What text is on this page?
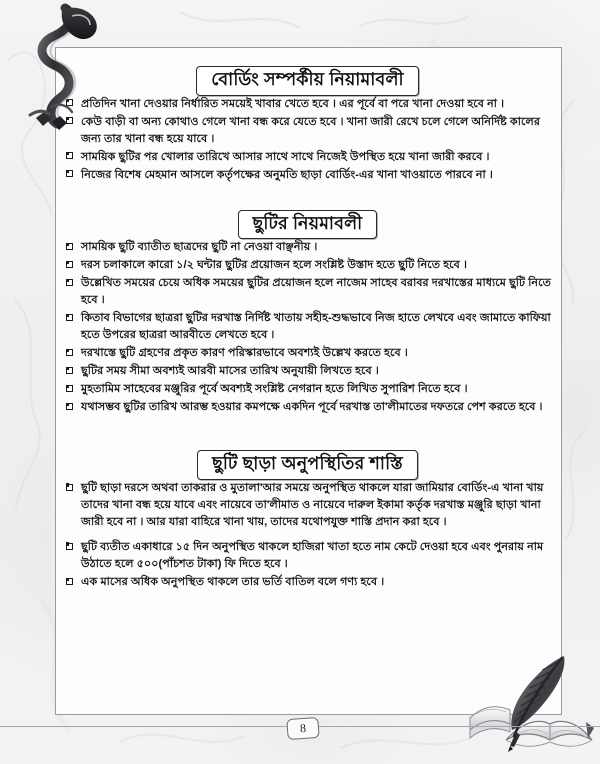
বোর্ডিং সম্পর্কীয় নিয়ামাবলী
প্রতিদিন খানা দেওয়ার নির্ধারিত সময়েই খাবার খেতে হবে । এর পূর্বে বা পরে খানা দেওয়া হবে না ।
কেউ বাড়ী বা অন্য কোথাও গেলে খানা বন্ধ করে যেতে হবে । খানা জারী রেখে চলে গেলে অনির্দিষ্ট কালের জন্য তার খানা বন্ধ হয়ে যাবে ।
সাময়িক ছুটির পর খোলার তারিখে আসার সাথে সাথে নিজেই উপস্থিত হয়ে খানা জারী করবে ।
নিজের বিশেষ মেহমান আসলে কর্তৃপক্ষের অনুমতি ছাড়া বোর্ডিং-এর খানা খাওয়াতে পারবে না ।
ছুটির নিয়মাবলী
সাময়িক ছুটি ব্যাতীত ছাত্রদের ছুটি না নেওয়া বাঞ্ছনীয় ।
দরস চলাকালে কারো ১/২ ঘন্টার ছুটির প্রয়োজন হলে সংশ্লিষ্ট উস্তাদ হতে ছুটি নিতে হবে ।
উল্লেখিত সময়ের চেয়ে অধিক সময়ের ছুটির প্রয়োজন হলে নাজেম সাহেব বরাবর দরখাস্তের মাধ্যমে ছুটি নিতে হবে ।
কিতাব বিভাগের ছাত্ররা ছুটির দরখাস্ত নির্দিষ্ট খাতায় সহীহ-শুদ্ধভাবে নিজ হাতে লেখবে এবং জামাতে কাফিয়া হতে উপরের ছাত্ররা আরবীতে লেখতে হবে ।
দরখাস্তে ছুটি গ্রহণের প্রকৃত কারণ পরিস্কারভাবে অবশ্যই উল্লেখ করতে হবে ।
ছুটির সময় সীমা অবশ্যই আরবী মাসের তারিখ অনুযায়ী লিখতে হবে ।
মুহতামিম সাহেবের মঞ্জুরির পূর্বে অবশ্যই সংশ্লিষ্ট নেগরান হতে লিখিত সুপারিশ নিতে হবে ।
যথাসম্ভব ছুটির তারিখ আরম্ভ হওয়ার কমপক্ষে একদিন পূর্বে দরখাস্ত তা'লীমাতের দফতরে পেশ করতে হবে ।
ছুটি ছাড়া অনুপস্থিতির শাস্তি
ছুটি ছাড়া দরসে অথবা তাকরার ও মুতালা'আর সময়ে অনুপস্থিত থাকলে যারা জামিয়ার বোর্ডিং-এ খানা খায় তাদের খানা বন্ধ হয়ে যাবে এবং নায়েবে তা'লীমাত ও নায়েবে দারুল ইকামা কর্তৃক দরখাস্ত মঞ্জুরি ছাড়া খানা জারী হবে না । আর যারা বাহিরে খানা খায়, তাদের যথোপযুক্ত শাস্তি প্রদান করা হবে ।
ছুটি ব্যতীত একাধারে ১৫ দিন অনুপস্থিত থাকলে হাজিরা খাতা হতে নাম কেটে দেওয়া হবে এবং পুনরায় নাম উঠাতে হলে ৫০০(পাঁচশত টাকা) ফি দিতে হবে ।
এক মাসের অধিক অনুপস্থিত থাকলে তার ভর্তি বাতিল বলে গণ্য হবে ।
8
